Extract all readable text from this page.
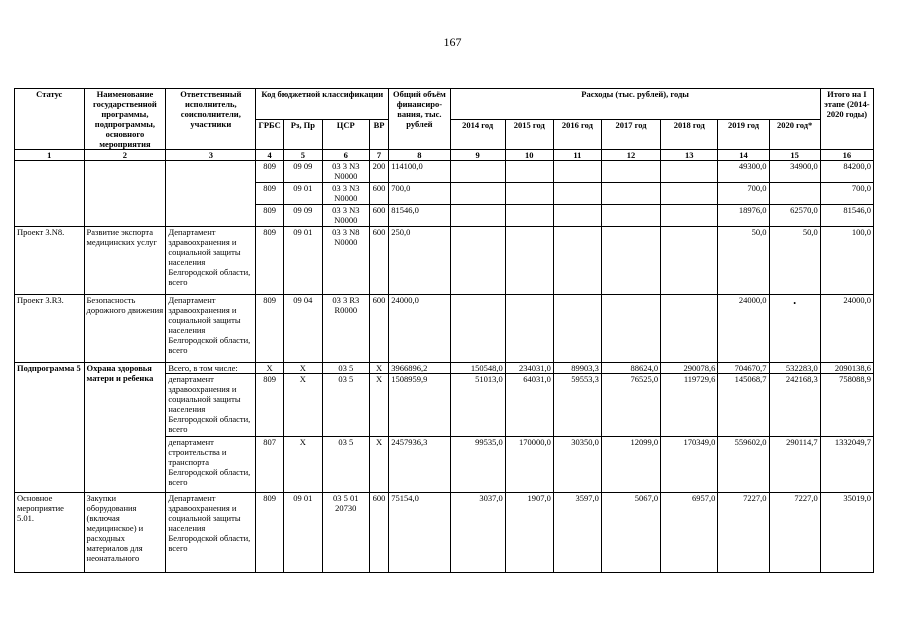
167
Статус	Наименование государственной программы, подпрограммы, основного мероприятия	Ответственный исполнитель, соисполнители, участники	Код бюджетной классификации				Общий объём финансиро-вания, тыс. рублей	Расходы (тыс. рублей), годы							Итого на I этапе (2014-2020 годы)
			ГРБС	Рз, Пр	ЦСР	ВР		2014 год	2015 год	2016 год	2017 год	2018 год	2019 год	2020 год*	
1	2	3	4	5	6	7	8	9	10	11	12	13	14	15	16
			809	09 09	03 3 N3 N0000	200	114100,0						49300,0	34900,0	84200,0
			809	09 01	03 3 N3 N0000	600	700,0						700,0		700,0
			809	09 09	03 3 N3 N0000	600	81546,0						18976,0	62570,0	81546,0
Проект 3.N8.	Развитие экспорта медицинских услуг	Департамент здравоохранения и социальной защиты населения Белгородской области, всего	809	09 01	03 3 N8 N0000	600	250,0						50,0	50,0	100,0
Проект 3.R3.	Безопасность дорожного движения	Департамент здравоохранения и социальной защиты населения Белгородской области, всего	809	09 04	03 3 R3 R0000	600	24000,0						24000,0	•	24000,0
Подпрограмма 5	Охрана здоровья матери и ребенка	Всего, в том числе:	X	X	03 5	X	3966896,2	150548,0	234031,0	89903,3	88624,0	290078,6	704670,7	532283,0	2090138,6
		департамент здравоохранения и социальной защиты населения Белгородской области, всего	809	X	03 5	X	1508959,9	51013,0	64031,0	59553,3	76525,0	119729,6	145068,7	242168,3	758088,9
		департамент строительства и транспорта Белгородской области, всего	807	X	03 5	X	2457936,3	99535,0	170000,0	30350,0	12099,0	170349,0	559602,0	290114,7	1332049,7
Основное мероприятие 5.01.	Закупки оборудования (включая медицинское) и расходных материалов для неонатального	Департамент здравоохранения и социальной защиты населения Белгородской области, всего	809	09 01	03 5 01 20730	600	75154,0	3037,0	1907,0	3597,0	5067,0	6957,0	7227,0	7227,0	35019,0
